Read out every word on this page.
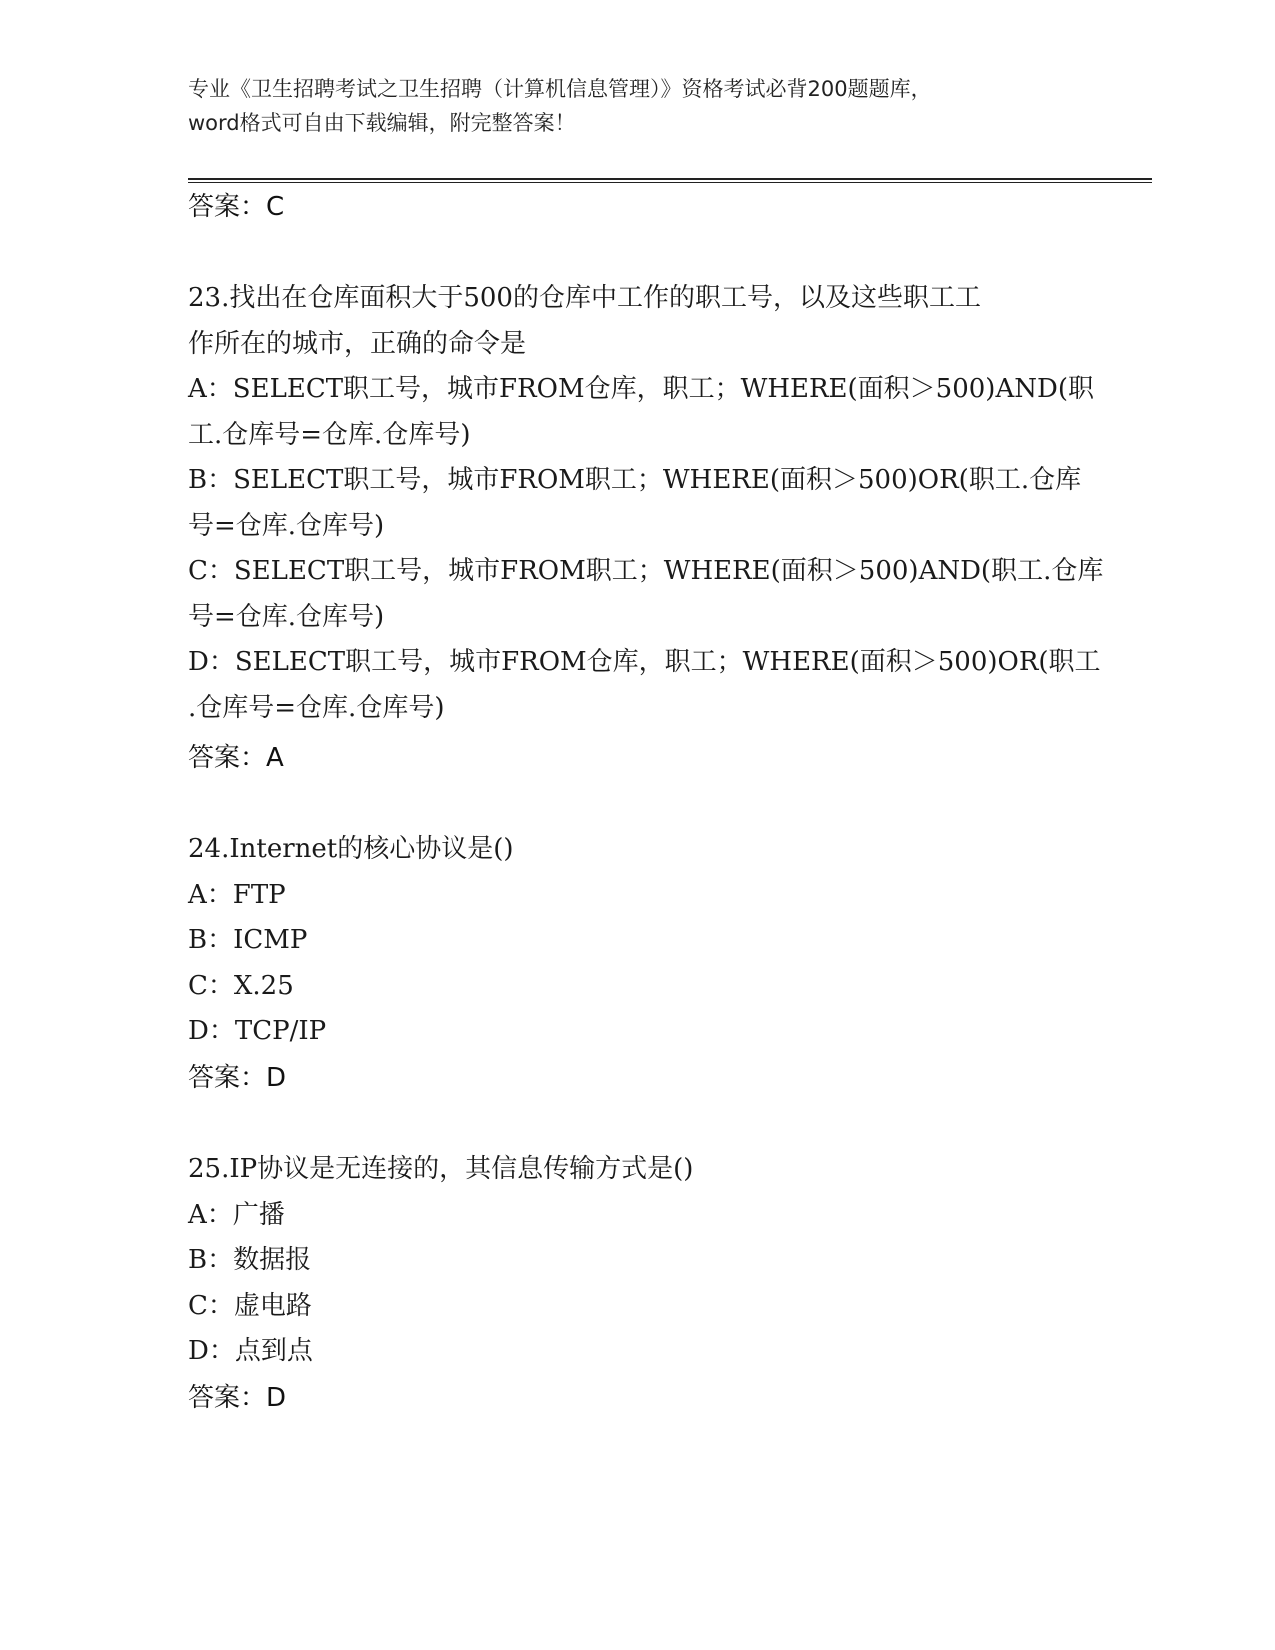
专业《卫生招聘考试之卫生招聘（计算机信息管理）》资格考试必背200题题库，
word格式可自由下载编辑，附完整答案！
答案：C
23.找出在仓库面积大于500的仓库中工作的职工号，以及这些职工工
作所在的城市，正确的命令是
A：SELECT职工号，城市FROM仓库，职工；WHERE(面积＞500)AND(职
工.仓库号=仓库.仓库号)
B：SELECT职工号，城市FROM职工；WHERE(面积＞500)OR(职工.仓库
号=仓库.仓库号)
C：SELECT职工号，城市FROM职工；WHERE(面积＞500)AND(职工.仓库
号=仓库.仓库号)
D：SELECT职工号，城市FROM仓库，职工；WHERE(面积＞500)OR(职工
.仓库号=仓库.仓库号)
答案：A
24.Internet的核心协议是()
A：FTP
B：ICMP
C：X.25
D：TCP/IP
答案：D
25.IP协议是无连接的，其信息传输方式是()
A：广播
B：数据报
C：虚电路
D：点到点
答案：D
